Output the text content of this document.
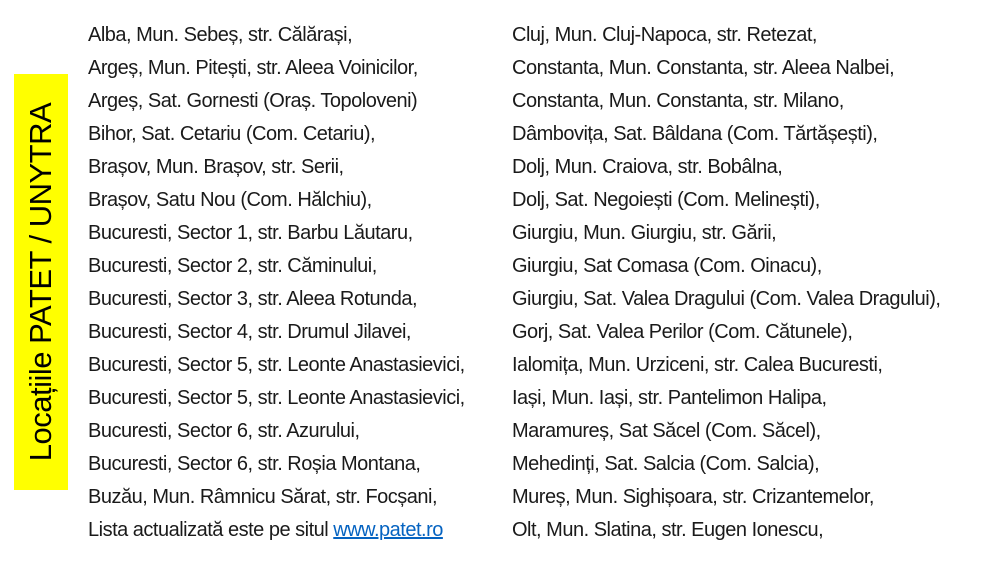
Locațiile PATET / UNYTRA
Alba, Mun. Sebeș, str. Călărași,
Argeș, Mun. Pitești, str. Aleea Voinicilor,
Argeș, Sat. Gornesti (Oraș. Topoloveni)
Bihor, Sat. Cetariu (Com. Cetariu),
Brașov, Mun. Brașov, str. Serii,
Brașov, Satu Nou (Com. Hălchiu),
Bucuresti, Sector 1, str. Barbu Lăutaru,
Bucuresti, Sector 2, str. Căminului,
Bucuresti, Sector 3, str. Aleea Rotunda,
Bucuresti, Sector 4, str. Drumul Jilavei,
Bucuresti, Sector 5, str. Leonte Anastasievici,
Bucuresti, Sector 5, str. Leonte Anastasievici,
Bucuresti, Sector 6, str. Azurului,
Bucuresti, Sector 6, str. Roșia Montana,
Buzău, Mun. Râmnicu Sărat, str. Focșani,
Lista actualizată este pe situl www.patet.ro
Cluj, Mun. Cluj-Napoca, str. Retezat,
Constanta, Mun. Constanta, str. Aleea Nalbei,
Constanta, Mun. Constanta, str. Milano,
Dâmbovița, Sat. Bâldana (Com. Tărtășești),
Dolj, Mun. Craiova, str. Bobâlna,
Dolj, Sat. Negoiești (Com. Melinești),
Giurgiu, Mun. Giurgiu, str. Gării,
Giurgiu, Sat Comasa (Com. Oinacu),
Giurgiu, Sat. Valea Dragului (Com. Valea Dragului),
Gorj, Sat. Valea Perilor (Com. Cătunele),
Ialomița, Mun. Urziceni, str. Calea Bucuresti,
Iași, Mun. Iași, str. Pantelimon Halipa,
Maramureș, Sat Săcel (Com. Săcel),
Mehedinți, Sat. Salcia (Com. Salcia),
Mureș, Mun. Sighișoara, str. Crizantemelor,
Olt, Mun. Slatina, str. Eugen Ionescu,
